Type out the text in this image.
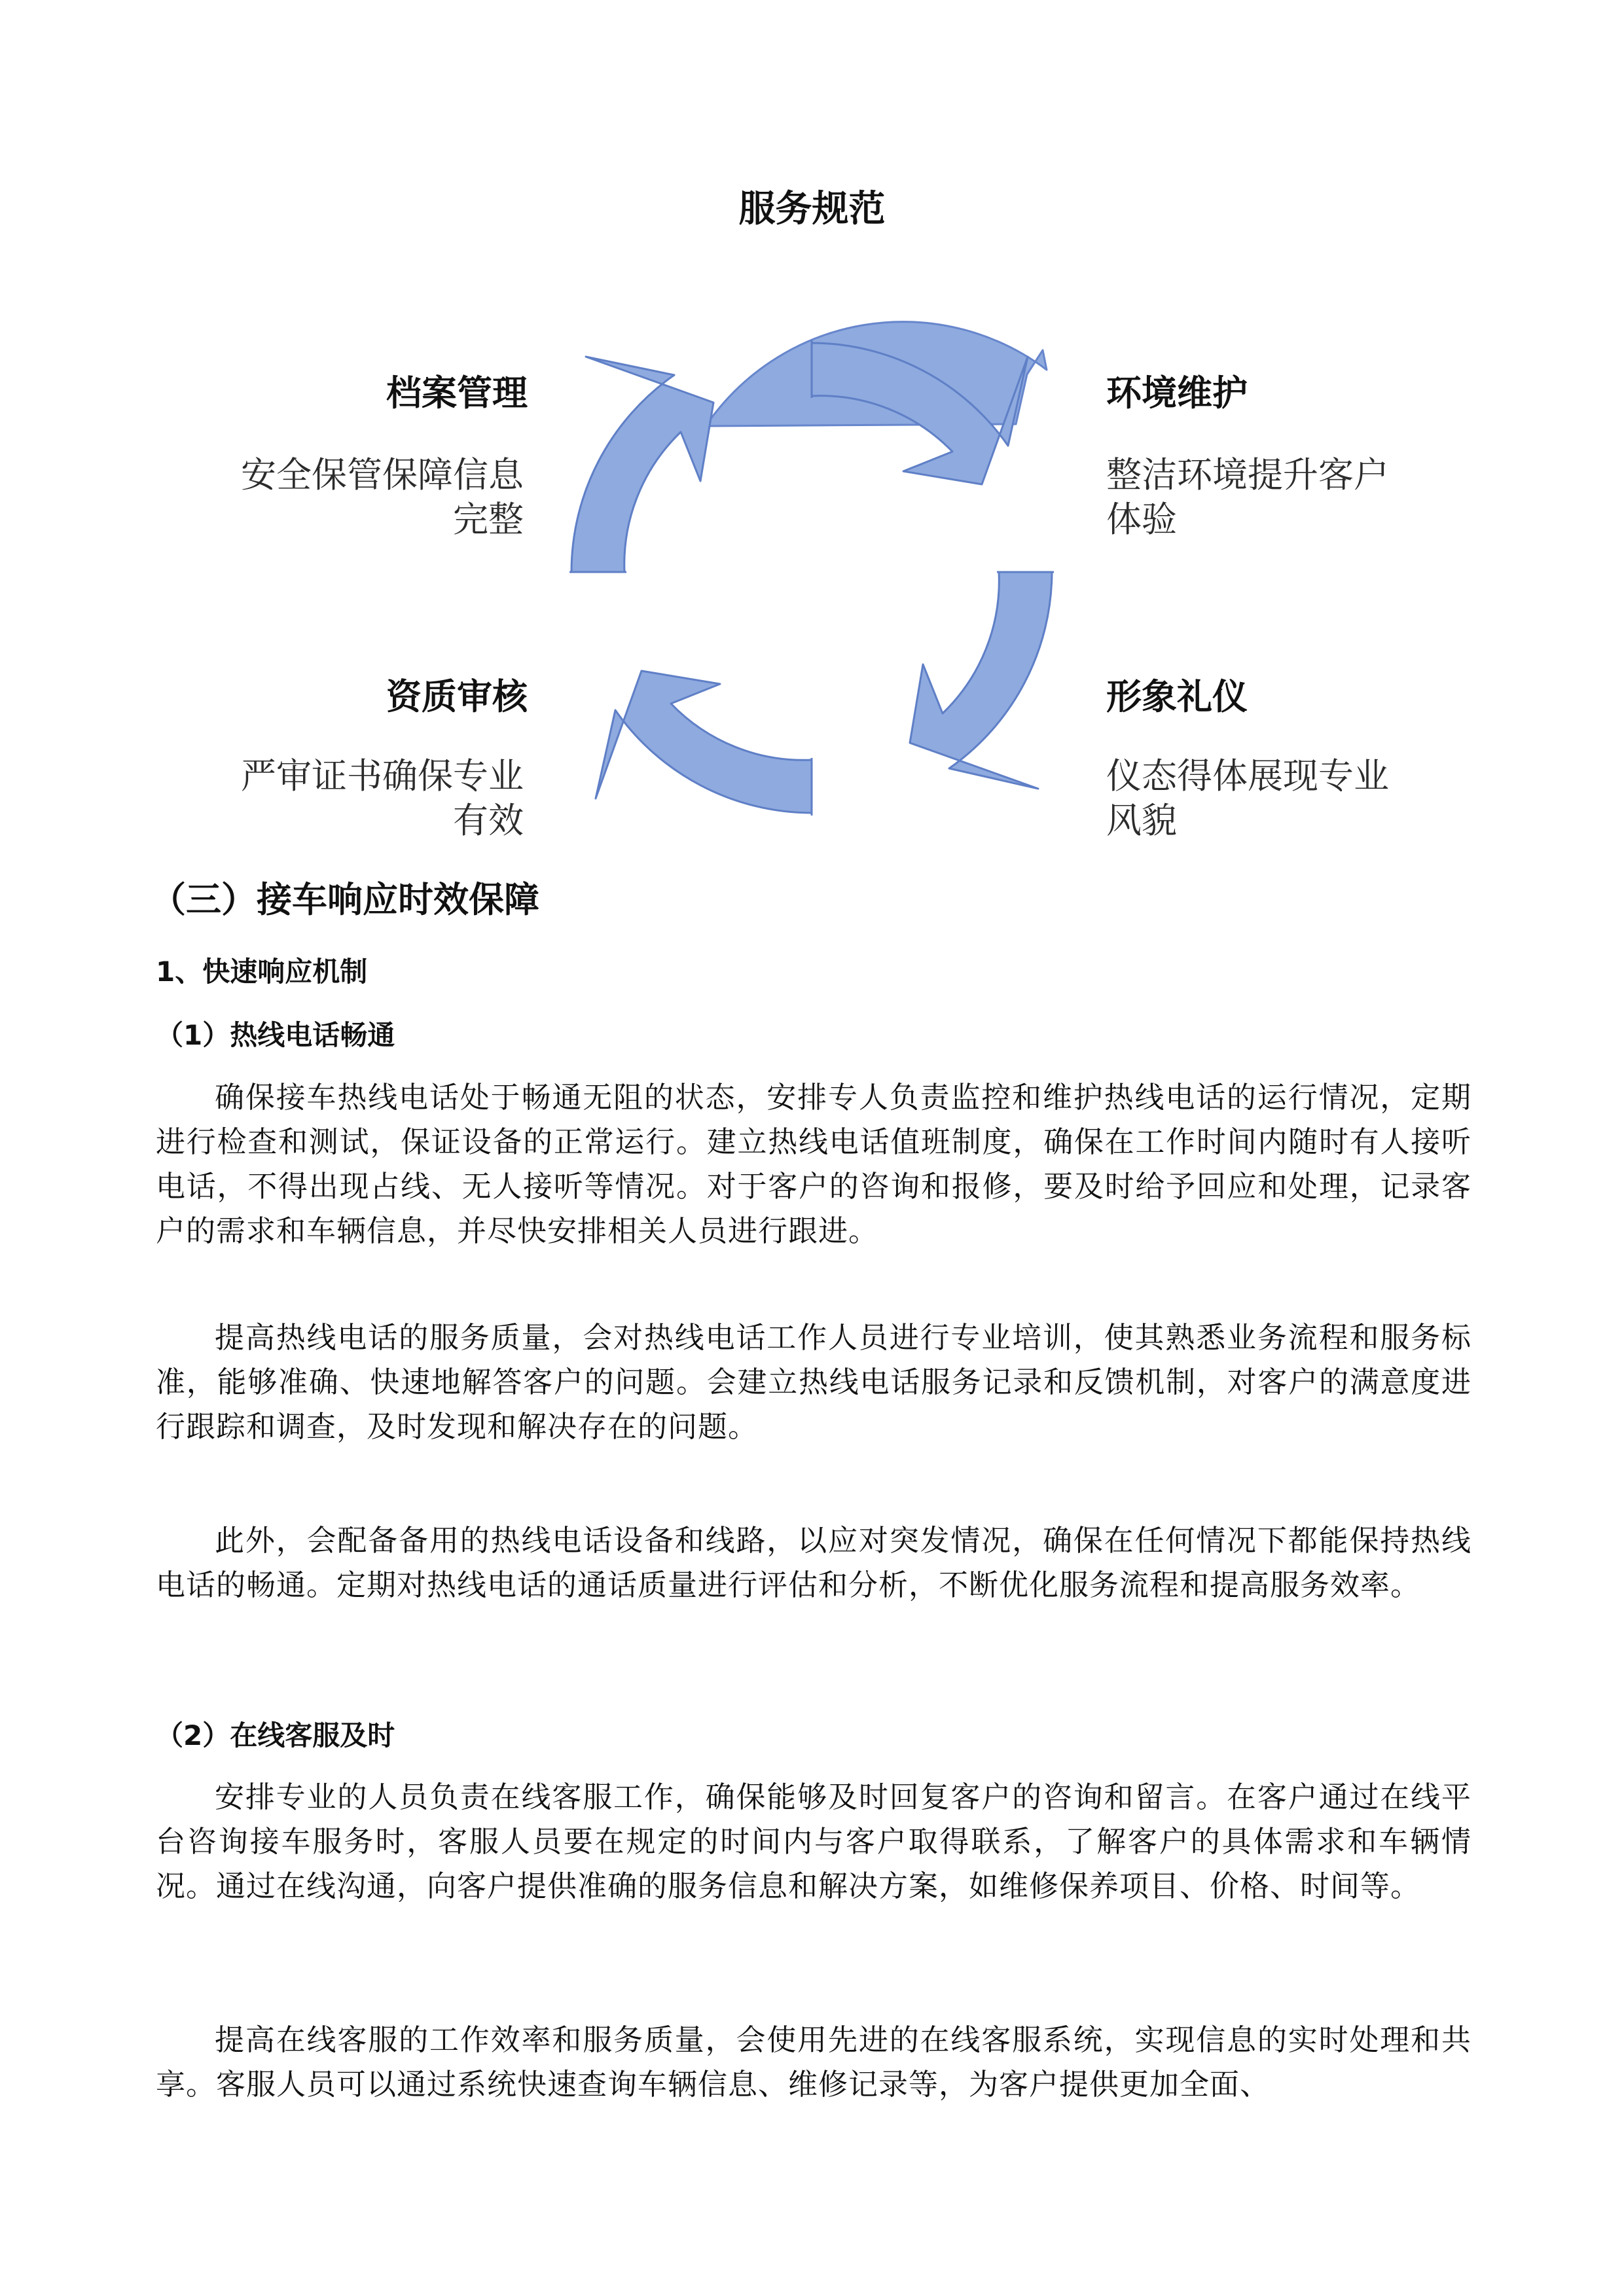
服务规范
档案管理
安全保管保障信息
完整
环境维护
整洁环境提升客户
体验
资质审核
严审证书确保专业
有效
形象礼仪
仪态得体展现专业
风貌
（三）接车响应时效保障
1、快速响应机制
（1）热线电话畅通

确保接车热线电话处于畅通无阻的状态，安排专人负责监控和维护热线电话的运行情况，定期进行检查和测试，保证设备的正常运行。建立热线电话值班制度，确保在工作时间内随时有人接听电话，不得出现占线、无人接听等情况。对于客户的咨询和报修，要及时给予回应和处理，记录客户的需求和车辆信息，并尽快安排相关人员进行跟进。

提高热线电话的服务质量，会对热线电话工作人员进行专业培训，使其熟悉业务流程和服务标准，能够准确、快速地解答客户的问题。会建立热线电话服务记录和反馈机制，对客户的满意度进行跟踪和调查，及时发现和解决存在的问题。

此外，会配备备用的热线电话设备和线路，以应对突发情况，确保在任何情况下都能保持热线电话的畅通。定期对热线电话的通话质量进行评估和分析，不断优化服务流程和提高服务效率。

（2）在线客服及时

安排专业的人员负责在线客服工作，确保能够及时回复客户的咨询和留言。在客户通过在线平台咨询接车服务时，客服人员要在规定的时间内与客户取得联系，了解客户的具体需求和车辆情况。通过在线沟通，向客户提供准确的服务信息和解决方案，如维修保养项目、价格、时间等。

提高在线客服的工作效率和服务质量，会使用先进的在线客服系统，实现信息的实时处理和共享。客服人员可以通过系统快速查询车辆信息、维修记录等，为客户提供更加全面、
